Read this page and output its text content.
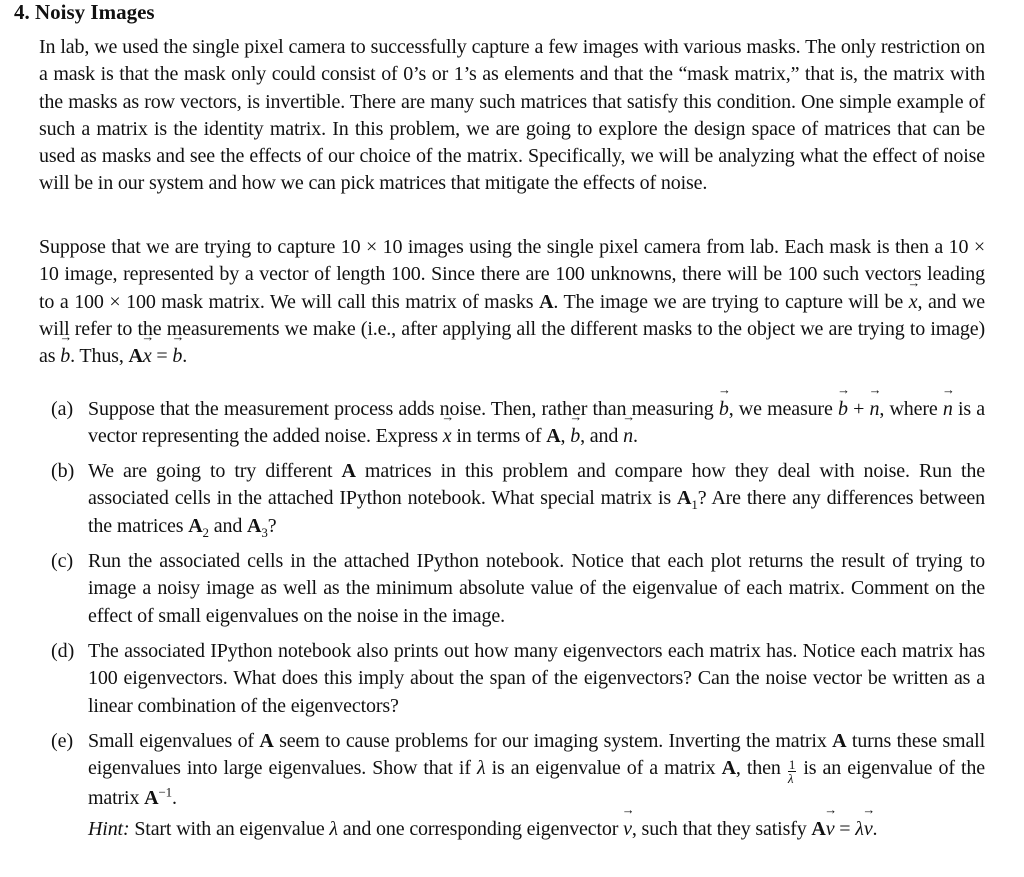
4. Noisy Images
In lab, we used the single pixel camera to successfully capture a few images with various masks. The only restriction on a mask is that the mask only could consist of 0’s or 1’s as elements and that the “mask matrix,” that is, the matrix with the masks as row vectors, is invertible. There are many such matrices that satisfy this condition. One simple example of such a matrix is the identity matrix. In this problem, we are going to explore the design space of matrices that can be used as masks and see the effects of our choice of the matrix. Specifically, we will be analyzing what the effect of noise will be in our system and how we can pick matrices that mitigate the effects of noise.
Suppose that we are trying to capture 10 × 10 images using the single pixel camera from lab. Each mask is then a 10 × 10 image, represented by a vector of length 100. Since there are 100 unknowns, there will be 100 such vectors leading to a 100 × 100 mask matrix. We will call this matrix of masks A. The image we are trying to capture will be → x, and we will refer to the measurements we make (i.e., after applying all the different masks to the object we are trying to image) as → b. Thus, A→ x = → b.
(a) Suppose that the measurement process adds noise. Then, rather than measuring → b, we measure → b + → n, where → n is a vector representing the added noise. Express → x in terms of A, → b, and → n.
(b) We are going to try different A matrices in this problem and compare how they deal with noise. Run the associated cells in the attached IPython notebook. What special matrix is $A_1$? Are there any differences between the matrices $A_2$ and $A_3$?
(c) Run the associated cells in the attached IPython notebook. Notice that each plot returns the result of trying to image a noisy image as well as the minimum absolute value of the eigenvalue of each matrix. Comment on the effect of small eigenvalues on the noise in the image.
(d) The associated IPython notebook also prints out how many eigenvectors each matrix has. Notice each matrix has 100 eigenvectors. What does this imply about the span of the eigenvectors? Can the noise vector be written as a linear combination of the eigenvectors?
(e) Small eigenvalues of A seem to cause problems for our imaging system. Inverting the matrix A turns these small eigenvalues into large eigenvalues. Show that if λ is an eigenvalue of a matrix A, then $\frac{1}{\lambda}$ is an eigenvalue of the matrix $A^{-1}$.
Hint: Start with an eigenvalue λ and one corresponding eigenvector → v, such that they satisfy A→ v = λ→ v.
